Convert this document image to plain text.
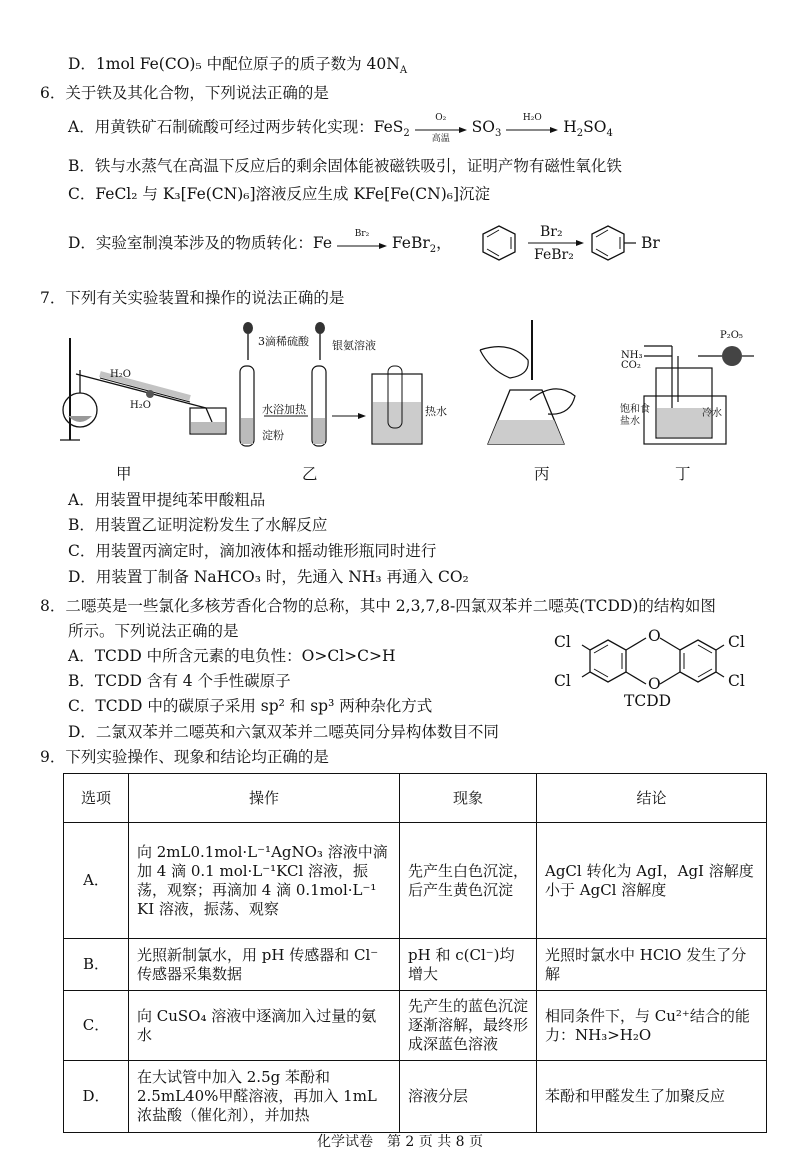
D．1mol Fe(CO)₅ 中配位原子的质子数为 $40N_A$
6．关于铁及其化合物，下列说法正确的是
A．用黄铁矿石制硫酸可经过两步转化实现：FeS$_2$
O₂
高温
$SO_3$
H₂O	$H_2SO_4$
B．铁与水蒸气在高温下反应后的剩余固体能被磁铁吸引，证明产物有磁性氧化铁
C．FeCl₂ 与 K₃[Fe(CN)₆]溶液反应生成 KFe[Fe(CN)₆]沉淀
D．实验室制溴苯涉及的物质转化：Fe	Br₂	FeBr$_2$，
Br₂
FeBr₂
Br
7．下列有关实验装置和操作的说法正确的是
H₂O
H₂O
3滴稀硫酸 银氨溶液
水浴加热
淀粉
热水
NH₃
CO₂
P₂O₅
饱和食盐水
冷水
甲	乙	丙	丁
A．用装置甲提纯苯甲酸粗品
B．用装置乙证明淀粉发生了水解反应
C．用装置丙滴定时，滴加液体和摇动锥形瓶同时进行
D．用装置丁制备 NaHCO₃ 时，先通入 NH₃ 再通入 CO₂
8．二噁英是一些氯化多核芳香化合物的总称，其中 2,3,7,8-四氯双苯并二噁英(TCDD)的结构如图
所示。下列说法正确的是
A．TCDD 中所含元素的电负性：O>Cl>C>H
B．TCDD 含有 4 个手性碳原子
C．TCDD 中的碳原子采用 sp² 和 sp³ 两种杂化方式
D．二氯双苯并二噁英和六氯双苯并二噁英同分异构体数目不同
Cl
Cl
Cl
Cl
O
O
TCDD
9．下列实验操作、现象和结论均正确的是
选项	操作	现象	结论
A．	向 2mL0.1mol·L⁻¹AgNO₃ 溶液中滴加 4 滴 0.1 mol·L⁻¹KCl 溶液，振荡，观察；再滴加 4 滴 0.1mol·L⁻¹ KI 溶液，振荡、观察	先产生白色沉淀，后产生黄色沉淀	AgCl 转化为 AgI，AgI 溶解度小于 AgCl 溶解度
B．	光照新制氯水，用 pH 传感器和 Cl⁻ 传感器采集数据	pH 和 c(Cl⁻)均增大	光照时氯水中 HClO 发生了分解
C．	向 CuSO₄ 溶液中逐滴加入过量的氨水	先产生的蓝色沉淀逐渐溶解，最终形成深蓝色溶液	相同条件下，与 Cu²⁺结合的能力：NH₃>H₂O
D．	在大试管中加入 2.5g 苯酚和 2.5mL40%甲醛溶液，再加入 1mL 浓盐酸（催化剂），并加热	溶液分层	苯酚和甲醛发生了加聚反应
化学试卷　第 2 页 共 8 页
